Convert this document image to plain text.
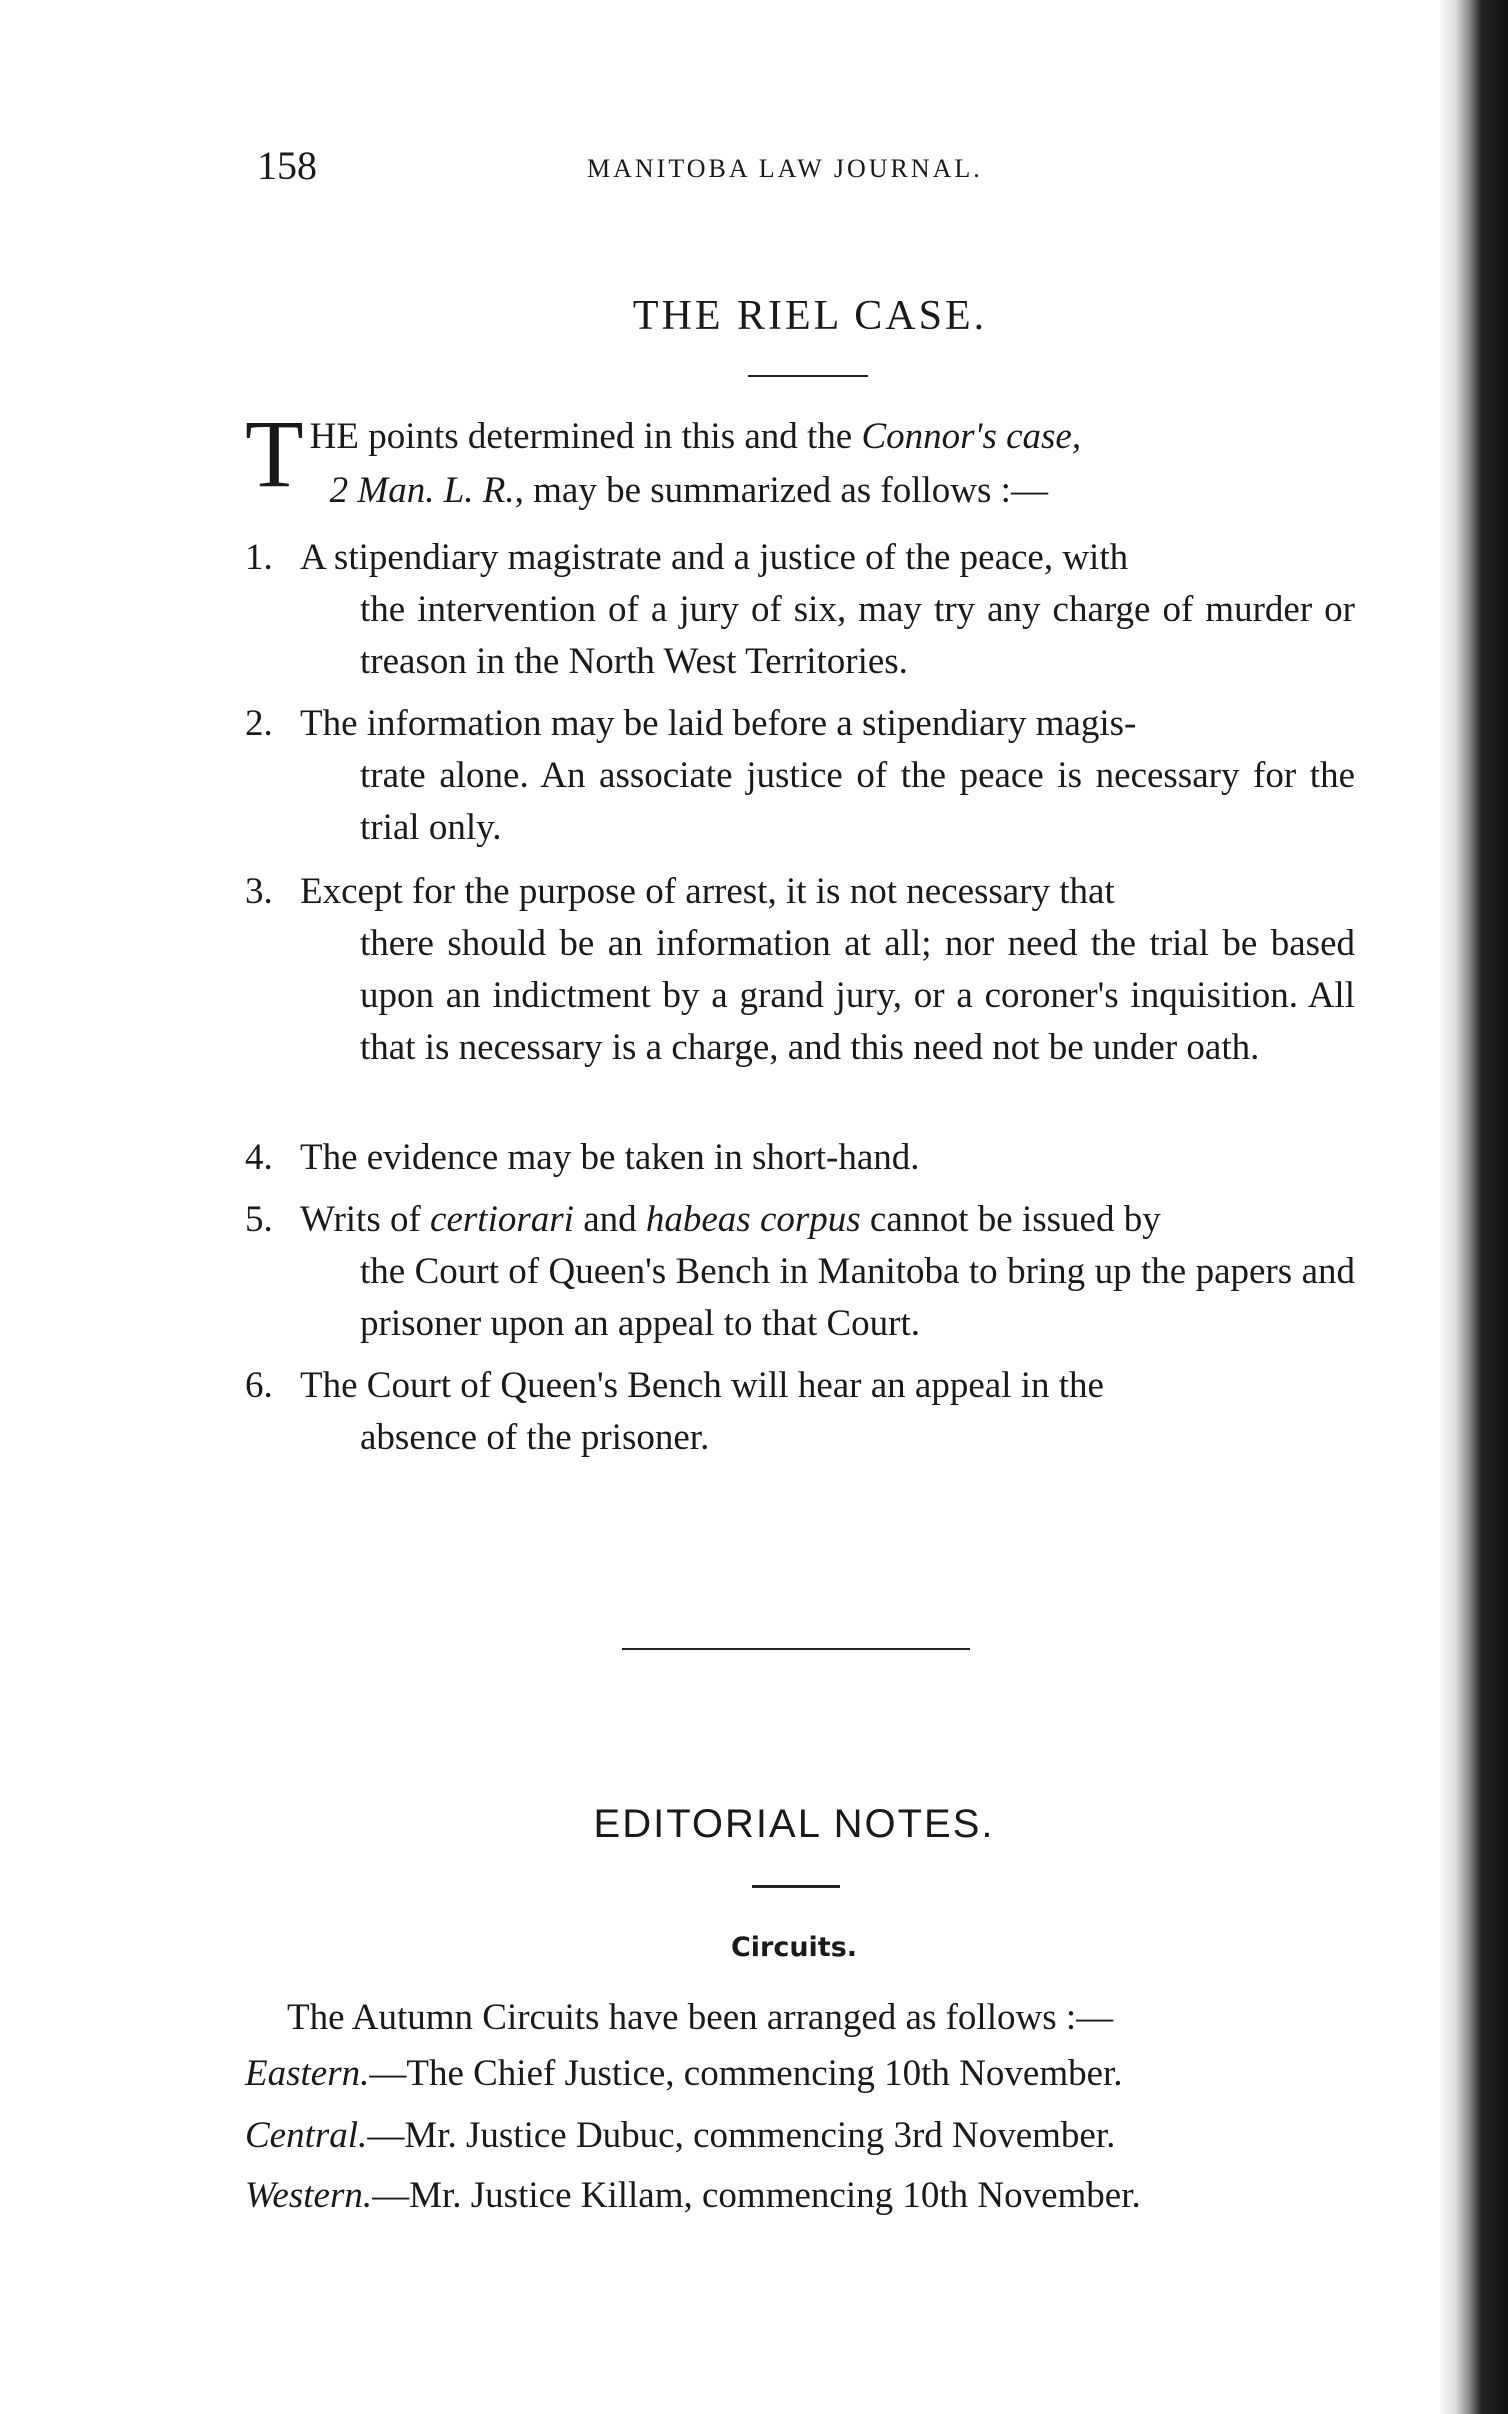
158	MANITOBA LAW JOURNAL.
THE RIEL CASE.
T HE points determined in this and the Connor's case,
2 Man. L. R., may be summarized as follows :—
1. A stipendiary magistrate and a justice of the peace, with
the intervention of a jury of six, may try any charge of murder or treason in the North West Territories.
2. The information may be laid before a stipendiary magis-
trate alone. An associate justice of the peace is necessary for the trial only.
3. Except for the purpose of arrest, it is not necessary that
there should be an information at all; nor need the trial be based upon an indictment by a grand jury, or a coroner's inquisition. All that is necessary is a charge, and this need not be under oath.
4. The evidence may be taken in short-hand.
5. Writs of certiorari and habeas corpus cannot be issued by
the Court of Queen's Bench in Manitoba to bring up the papers and prisoner upon an appeal to that Court.
6. The Court of Queen's Bench will hear an appeal in the
absence of the prisoner.
EDITORIAL NOTES.
Circuits.
The Autumn Circuits have been arranged as follows :—
Eastern.—The Chief Justice, commencing 10th November.
Central.—Mr. Justice Dubuc, commencing 3rd November.
Western.—Mr. Justice Killam, commencing 10th November.
